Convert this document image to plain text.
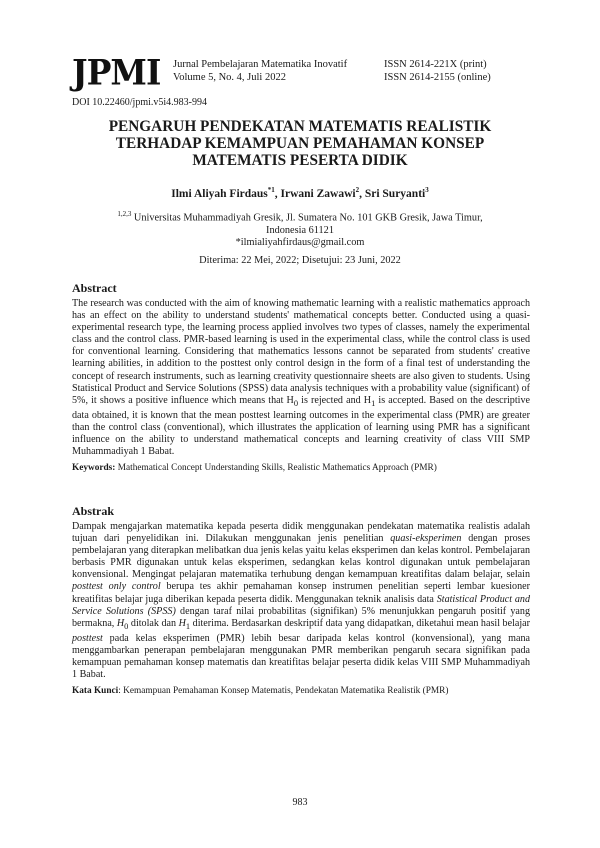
JPMI Jurnal Pembelajaran Matematika Inovatif
Volume 5, No. 4, Juli 2022
ISSN 2614-221X (print)
ISSN 2614-2155 (online)
DOI 10.22460/jpmi.v5i4.983-994
PENGARUH PENDEKATAN MATEMATIS REALISTIK
TERHADAP KEMAMPUAN PEMAHAMAN KONSEP
MATEMATIS PESERTA DIDIK
Ilmi Aliyah Firdaus$^{*1}$, Irwani Zawawi$^2$, Sri Suryanti$^3$
$^{1,2,3}$ Universitas Muhammadiyah Gresik, Jl. Sumatera No. 101 GKB Gresik, Jawa Timur,
Indonesia 61121
*ilmialiyahfirdaus@gmail.com
Diterima: 22 Mei, 2022; Disetujui: 23 Juni, 2022
Abstract

The research was conducted with the aim of knowing mathematic learning with a realistic mathematics approach has an effect on the ability to understand students' mathematical concepts better. Conducted using a quasi-experimental research type, the learning process applied involves two types of classes, namely the experimental class and the control class. PMR-based learning is used in the experimental class, while the control class is used for conventional learning. Considering that mathematics lessons cannot be separated from students' creative learning abilities, in addition to the posttest only control design in the form of a final test of understanding the concept of research instruments, such as learning creativity questionnaire sheets are also given to students. Using Statistical Product and Service Solutions (SPSS) data analysis techniques with a probability value (significant) of 5%, it shows a positive influence which means that $H_0$ is rejected and $H_1$ is accepted. Based on the descriptive data obtained, it is known that the mean posttest learning outcomes in the experimental class (PMR) are greater than the control class (conventional), which illustrates the application of learning using PMR has a significant influence on the ability to understand mathematical concepts and learning creativity of class VIII SMP Muhammadiyah 1 Babat.

Keywords: Mathematical Concept Understanding Skills, Realistic Mathematics Approach (PMR)

Abstrak

Dampak mengajarkan matematika kepada peserta didik menggunakan pendekatan matematika realistis adalah tujuan dari penyelidikan ini. Dilakukan menggunakan jenis penelitian quasi-eksperimen dengan proses pembelajaran yang diterapkan melibatkan dua jenis kelas yaitu kelas eksperimen dan kelas kontrol. Pembelajaran berbasis PMR digunakan untuk kelas eksperimen, sedangkan kelas kontrol digunakan untuk pembelajaran konvensional. Mengingat pelajaran matematika terhubung dengan kemampuan kreatifitas dalam belajar, selain posttest only control berupa tes akhir pemahaman konsep instrumen penelitian seperti lembar kuesioner kreatifitas belajar juga diberikan kepada peserta didik. Menggunakan teknik analisis data Statistical Product and Service Solutions (SPSS) dengan taraf nilai probabilitas (signifikan) 5% menunjukkan pengaruh positif yang bermakna, $H_0$ ditolak dan $H_1$ diterima. Berdasarkan deskriptif data yang didapatkan, diketahui mean hasil belajar posttest pada kelas eksperimen (PMR) lebih besar daripada kelas kontrol (konvensional), yang mana menggambarkan penerapan pembelajaran menggunakan PMR memberikan pengaruh secara signifikan pada kemampuan pemahaman konsep matematis dan kreatifitas belajar peserta didik kelas VIII SMP Muhammadiyah 1 Babat.

Kata Kunci: Kemampuan Pemahaman Konsep Matematis, Pendekatan Matematika Realistik (PMR)

983
